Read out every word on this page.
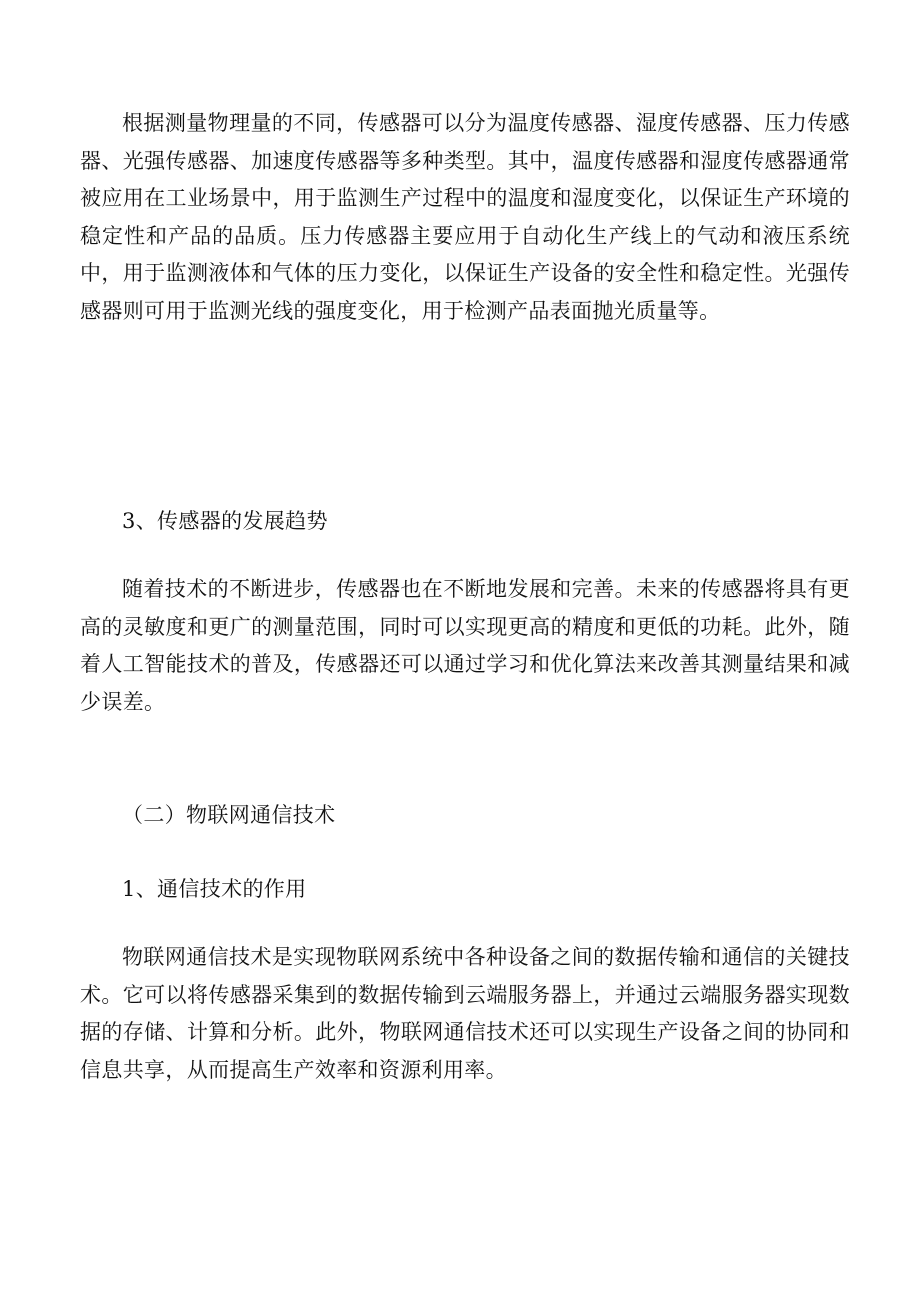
根据测量物理量的不同，传感器可以分为温度传感器、湿度传感器、压力传感器、光强传感器、加速度传感器等多种类型。其中，温度传感器和湿度传感器通常被应用在工业场景中，用于监测生产过程中的温度和湿度变化，以保证生产环境的稳定性和产品的品质。压力传感器主要应用于自动化生产线上的气动和液压系统中，用于监测液体和气体的压力变化，以保证生产设备的安全性和稳定性。光强传感器则可用于监测光线的强度变化，用于检测产品表面抛光质量等。

3、传感器的发展趋势

随着技术的不断进步，传感器也在不断地发展和完善。未来的传感器将具有更高的灵敏度和更广的测量范围，同时可以实现更高的精度和更低的功耗。此外，随着人工智能技术的普及，传感器还可以通过学习和优化算法来改善其测量结果和减少误差。

（二）物联网通信技术

1、通信技术的作用

物联网通信技术是实现物联网系统中各种设备之间的数据传输和通信的关键技术。它可以将传感器采集到的数据传输到云端服务器上，并通过云端服务器实现数据的存储、计算和分析。此外，物联网通信技术还可以实现生产设备之间的协同和信息共享，从而提高生产效率和资源利用率。
